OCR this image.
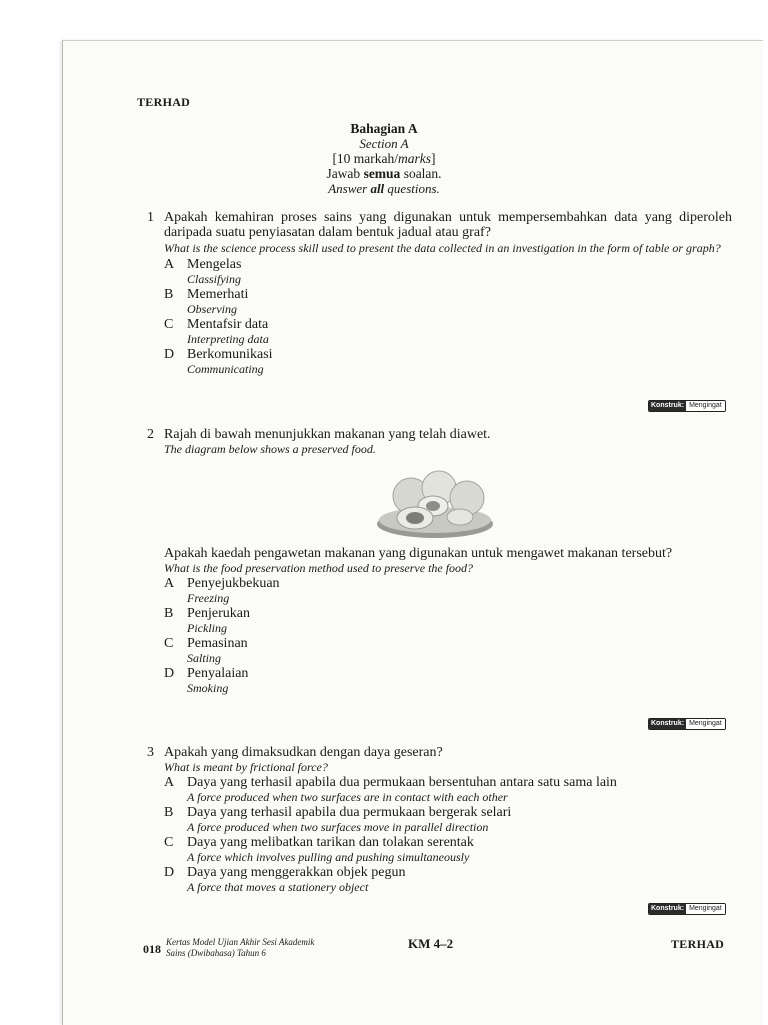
TERHAD
Bahagian A
Section A
[10 markah/marks]
Jawab semua soalan.
Answer all questions.
1 Apakah kemahiran proses sains yang digunakan untuk mempersembahkan data yang diperoleh daripada suatu penyiasatan dalam bentuk jadual atau graf?
What is the science process skill used to present the data collected in an investigation in the form of table or graph?
A Mengelas
Classifying
B Memerhati
Observing
C Mentafsir data
Interpreting data
D Berkomunikasi
Communicating
Konstruk: Mengingat
2 Rajah di bawah menunjukkan makanan yang telah diawet.
The diagram below shows a preserved food.
Apakah kaedah pengawetan makanan yang digunakan untuk mengawet makanan tersebut?
What is the food preservation method used to preserve the food?
A Penyejukbekuan
Freezing
B Penjerukan
Pickling
C Pemasinan
Salting
D Penyalaian
Smoking
Konstruk: Mengingat
3 Apakah yang dimaksudkan dengan daya geseran?
What is meant by frictional force?
A Daya yang terhasil apabila dua permukaan bersentuhan antara satu sama lain
A force produced when two surfaces are in contact with each other
B Daya yang terhasil apabila dua permukaan bergerak selari
A force produced when two surfaces move in parallel direction
C Daya yang melibatkan tarikan dan tolakan serentak
A force which involves pulling and pushing simultaneously
D Daya yang menggerakkan objek pegun
A force that moves a stationery object
Konstruk: Mengingat
018 Kertas Model Ujian Akhir Sesi Akademik
Sains (Dwibahasa) Tahun 6
KM 4–2	TERHAD
